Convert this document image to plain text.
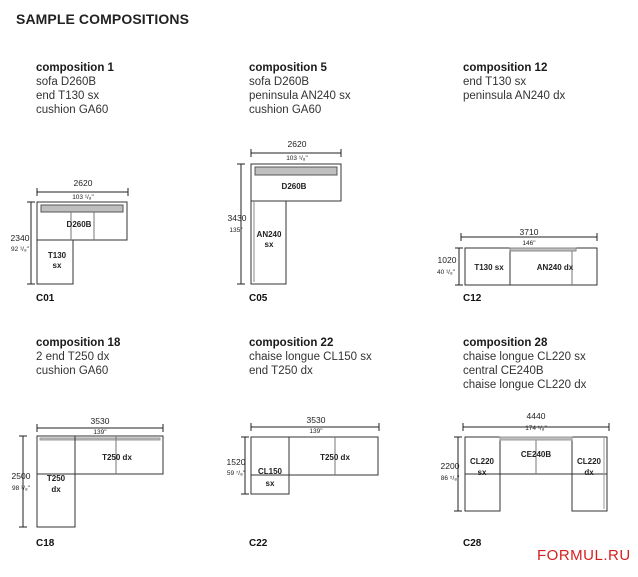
SAMPLE COMPOSITIONS
composition 1
sofa D260B
end T130 sx
cushion GA60
composition 5
sofa D260B
peninsula AN240 sx
cushion GA60
composition 12
end T130 sx
peninsula AN240 dx
composition 18
2 end T250 dx
cushion GA60
composition 22
chaise longue CL150 sx
end T250 dx
composition 28
chaise longue CL220 sx
central CE240B
chaise longue CL220 dx
2620
103 ¹/₈"
2340
92 ¹/₈"
D260B
T130
sx
2620
103 ¹/₈"
3430
135"
D260B
AN240
sx
3710
146"
1020
40 ¹/₈"
T130 sx	AN240 dx
3530
139"
2500
98 ³/₈"
T250 dx
T250
dx
3530
139"
1520
59 ⁷/₈" CL150
sx
T250 dx
4440
174 ¹/₈"
2200
86 ⁵/₈"
CE240B
CL220
sx
CL220
dx
C01	C05	C12
C18	C22	C28
FORMUL.RU
